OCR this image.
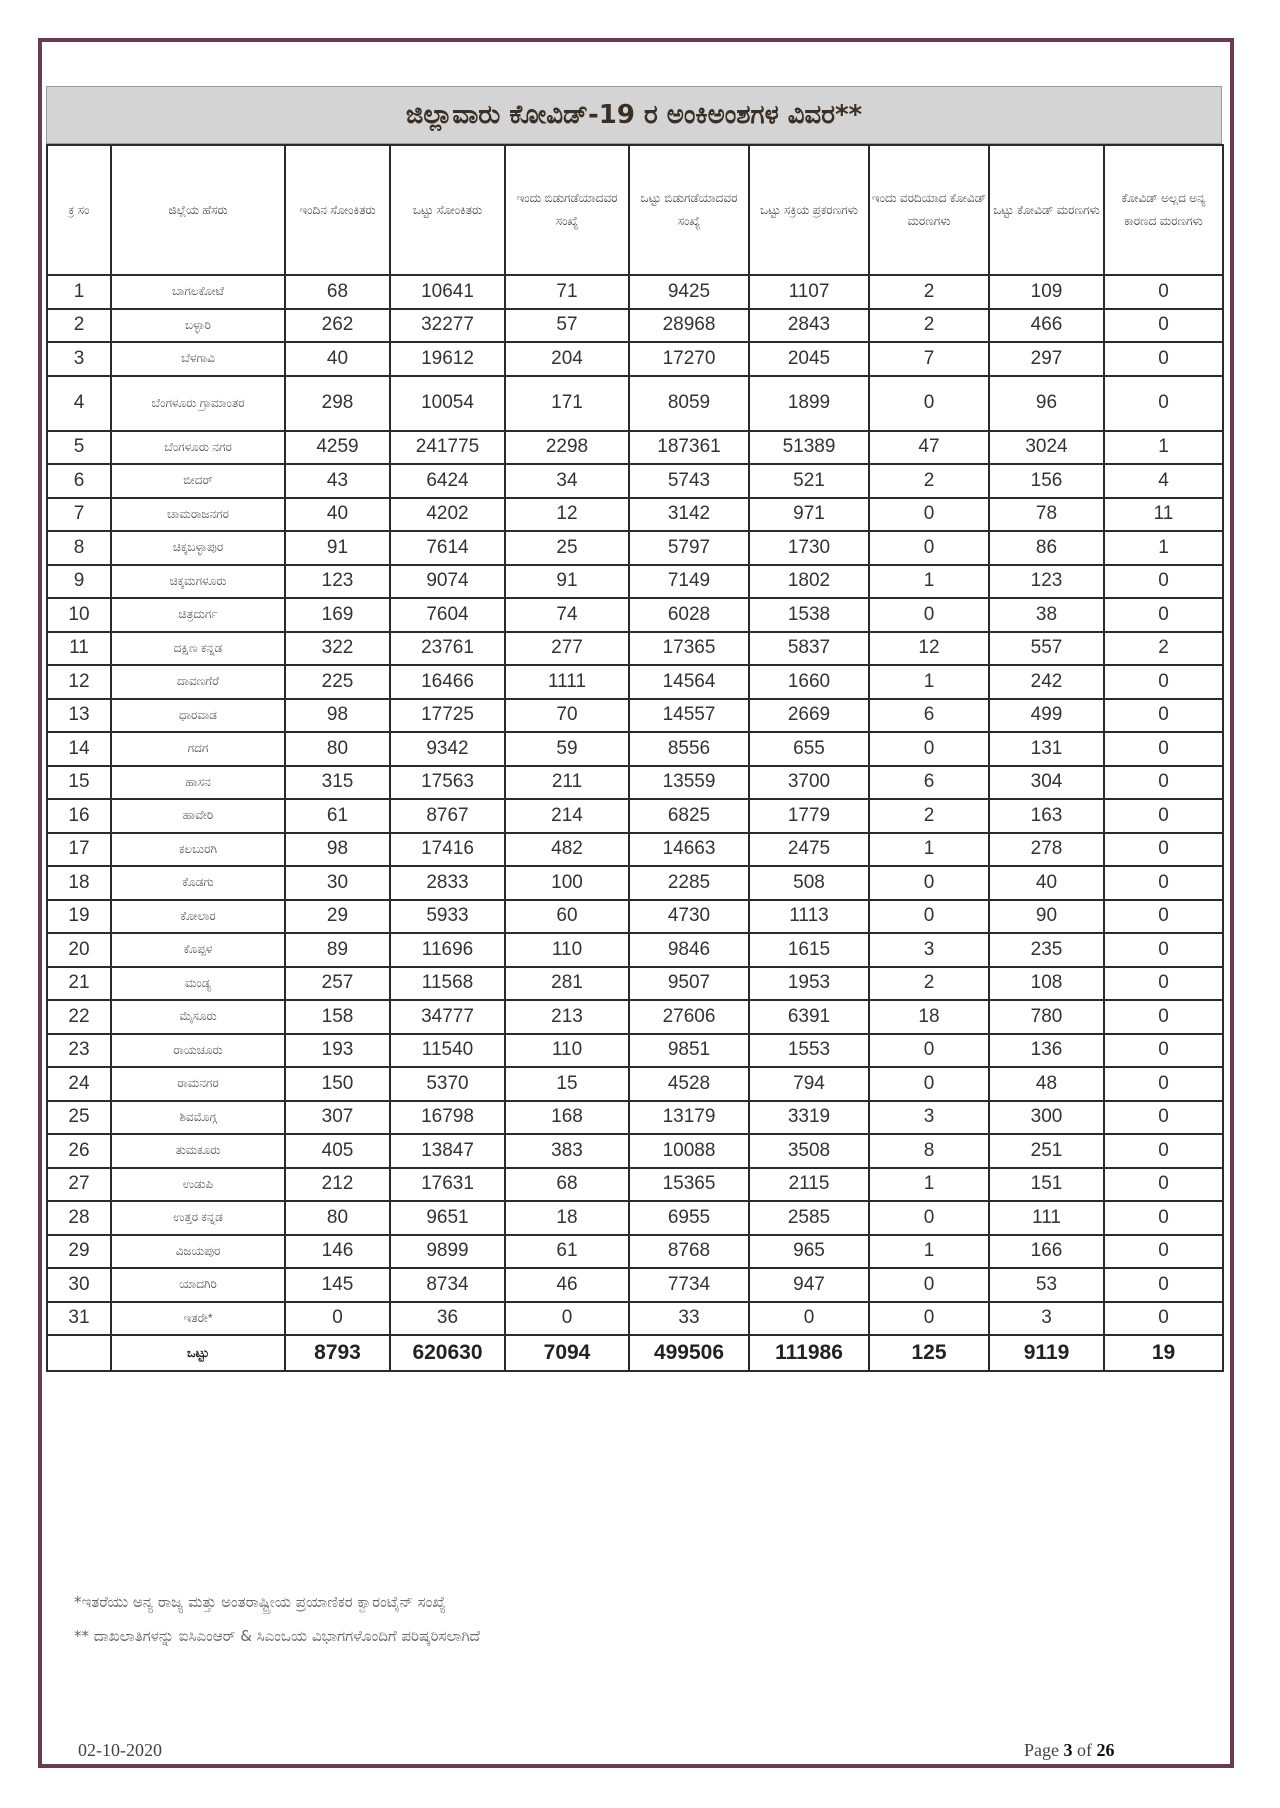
ಜಿಲ್ಲಾವಾರು ಕೋವಿಡ್-19 ರ ಅಂಕಿಅಂಶಗಳ ವಿವರ**
ಕ್ರ ಸಂ	ಜಿಲ್ಲೆಯ ಹೆಸರು	ಇಂದಿನ ಸೋಂಕಿತರು	ಒಟ್ಟು ಸೋಂಕಿತರು	ಇಂದು ಬಿಡುಗಡೆಯಾದವರ ಸಂಖ್ಯೆ	ಒಟ್ಟು ಬಿಡುಗಡೆಯಾದವರ ಸಂಖ್ಯೆ	ಒಟ್ಟು ಸಕ್ರಿಯ ಪ್ರಕರಣಗಳು	ಇಂದು ವರದಿಯಾದ ಕೋವಿಡ್ ಮರಣಗಳು	ಒಟ್ಟು ಕೋವಿಡ್ ಮರಣಗಳು	ಕೋವಿಡ್ ಅಲ್ಲದ ಅನ್ಯ ಕಾರಣದ ಮರಣಗಳು
1	ಬಾಗಲಕೋಟೆ	68	10641	71	9425	1107	2	109	0
2	ಬಳ್ಳಾರಿ	262	32277	57	28968	2843	2	466	0
3	ಬೆಳಗಾವಿ	40	19612	204	17270	2045	7	297	0
4	ಬೆಂಗಳೂರು ಗ್ರಾಮಾಂತರ	298	10054	171	8059	1899	0	96	0
5	ಬೆಂಗಳೂರು ನಗರ	4259	241775	2298	187361	51389	47	3024	1
6	ಬೀದರ್	43	6424	34	5743	521	2	156	4
7	ಚಾಮರಾಜನಗರ	40	4202	12	3142	971	0	78	11
8	ಚಿಕ್ಕಬಳ್ಳಾಪುರ	91	7614	25	5797	1730	0	86	1
9	ಚಿಕ್ಕಮಗಳೂರು	123	9074	91	7149	1802	1	123	0
10	ಚಿತ್ರದುರ್ಗ	169	7604	74	6028	1538	0	38	0
11	ದಕ್ಷಿಣ ಕನ್ನಡ	322	23761	277	17365	5837	12	557	2
12	ದಾವಣಗೆರೆ	225	16466	1111	14564	1660	1	242	0
13	ಧಾರವಾಡ	98	17725	70	14557	2669	6	499	0
14	ಗದಗ	80	9342	59	8556	655	0	131	0
15	ಹಾಸನ	315	17563	211	13559	3700	6	304	0
16	ಹಾವೇರಿ	61	8767	214	6825	1779	2	163	0
17	ಕಲಬುರಗಿ	98	17416	482	14663	2475	1	278	0
18	ಕೊಡಗು	30	2833	100	2285	508	0	40	0
19	ಕೋಲಾರ	29	5933	60	4730	1113	0	90	0
20	ಕೊಪ್ಪಳ	89	11696	110	9846	1615	3	235	0
21	ಮಂಡ್ಯ	257	11568	281	9507	1953	2	108	0
22	ಮೈಸೂರು	158	34777	213	27606	6391	18	780	0
23	ರಾಯಚೂರು	193	11540	110	9851	1553	0	136	0
24	ರಾಮನಗರ	150	5370	15	4528	794	0	48	0
25	ಶಿವಮೊಗ್ಗ	307	16798	168	13179	3319	3	300	0
26	ತುಮಕೂರು	405	13847	383	10088	3508	8	251	0
27	ಉಡುಪಿ	212	17631	68	15365	2115	1	151	0
28	ಉತ್ತರ ಕನ್ನಡ	80	9651	18	6955	2585	0	111	0
29	ವಿಜಯಪುರ	146	9899	61	8768	965	1	166	0
30	ಯಾದಗಿರಿ	145	8734	46	7734	947	0	53	0
31	ಇತರೇ*	0	36	0	33	0	0	3	0
	ಒಟ್ಟು	8793	620630	7094	499506	111986	125	9119	19
*ಇತರೆಯು ಅನ್ಯ ರಾಜ್ಯ ಮತ್ತು ಅಂತರಾಷ್ಟ್ರೀಯ ಪ್ರಯಾಣಿಕರ ಕ್ವಾರಂಟೈನ್ ಸಂಖ್ಯೆ
** ದಾಖಲಾತಿಗಳನ್ನು ಐಸಿಎಂಆರ್ & ಸಿಎಂಒಯ ವಿಭಾಗಗಳೊಂದಿಗೆ ಪರಿಷ್ಕರಿಸಲಾಗಿದೆ
02-10-2020	Page 3 of 26
